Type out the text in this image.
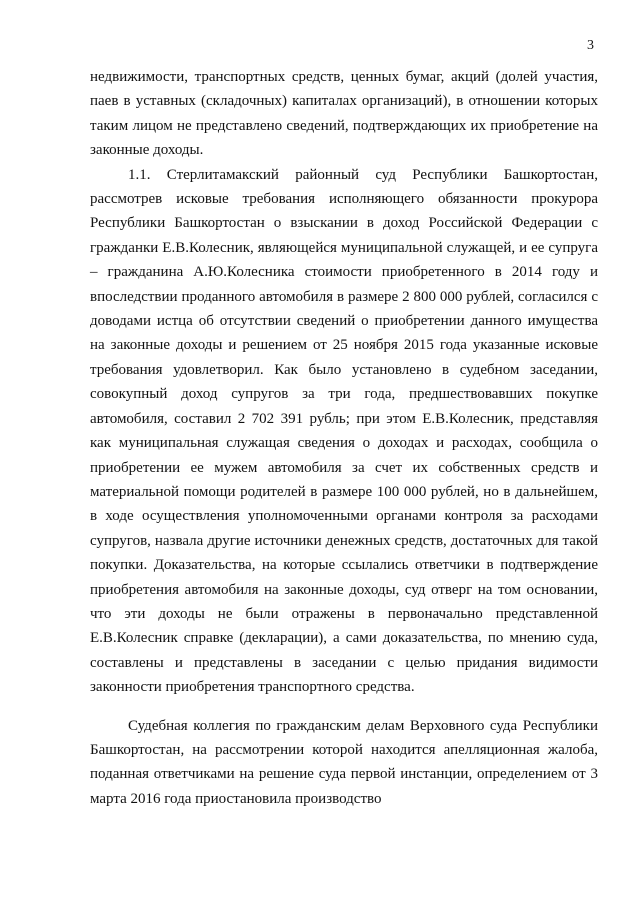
3

недвижимости, транспортных средств, ценных бумаг, акций (долей участия, паев в уставных (складочных) капиталах организаций), в отношении которых таким лицом не представлено сведений, подтверждающих их приобретение на законные доходы.

1.1. Стерлитамакский районный суд Республики Башкортостан, рассмотрев исковые требования исполняющего обязанности прокурора Республики Башкортостан о взыскании в доход Российской Федерации с гражданки Е.В.Колесник, являющейся муниципальной служащей, и ее супруга – гражданина А.Ю.Колесника стоимости приобретенного в 2014 году и впоследствии проданного автомобиля в размере 2 800 000 рублей, согласился с доводами истца об отсутствии сведений о приобретении данного имущества на законные доходы и решением от 25 ноября 2015 года указанные исковые требования удовлетворил. Как было установлено в судебном заседании, совокупный доход супругов за три года, предшествовавших покупке автомобиля, составил 2 702 391 рубль; при этом Е.В.Колесник, представляя как муниципальная служащая сведения о доходах и расходах, сообщила о приобретении ее мужем автомобиля за счет их собственных средств и материальной помощи родителей в размере 100 000 рублей, но в дальнейшем, в ходе осуществления уполномоченными органами контроля за расходами супругов, назвала другие источники денежных средств, достаточных для такой покупки. Доказательства, на которые ссылались ответчики в подтверждение приобретения автомобиля на законные доходы, суд отверг на том основании, что эти доходы не были отражены в первоначально представленной Е.В.Колесник справке (декларации), а сами доказательства, по мнению суда, составлены и представлены в заседании с целью придания видимости законности приобретения транспортного средства.

Судебная коллегия по гражданским делам Верховного суда Республики Башкортостан, на рассмотрении которой находится апелляционная жалоба, поданная ответчиками на решение суда первой инстанции, определением от 3 марта 2016 года приостановила производство
